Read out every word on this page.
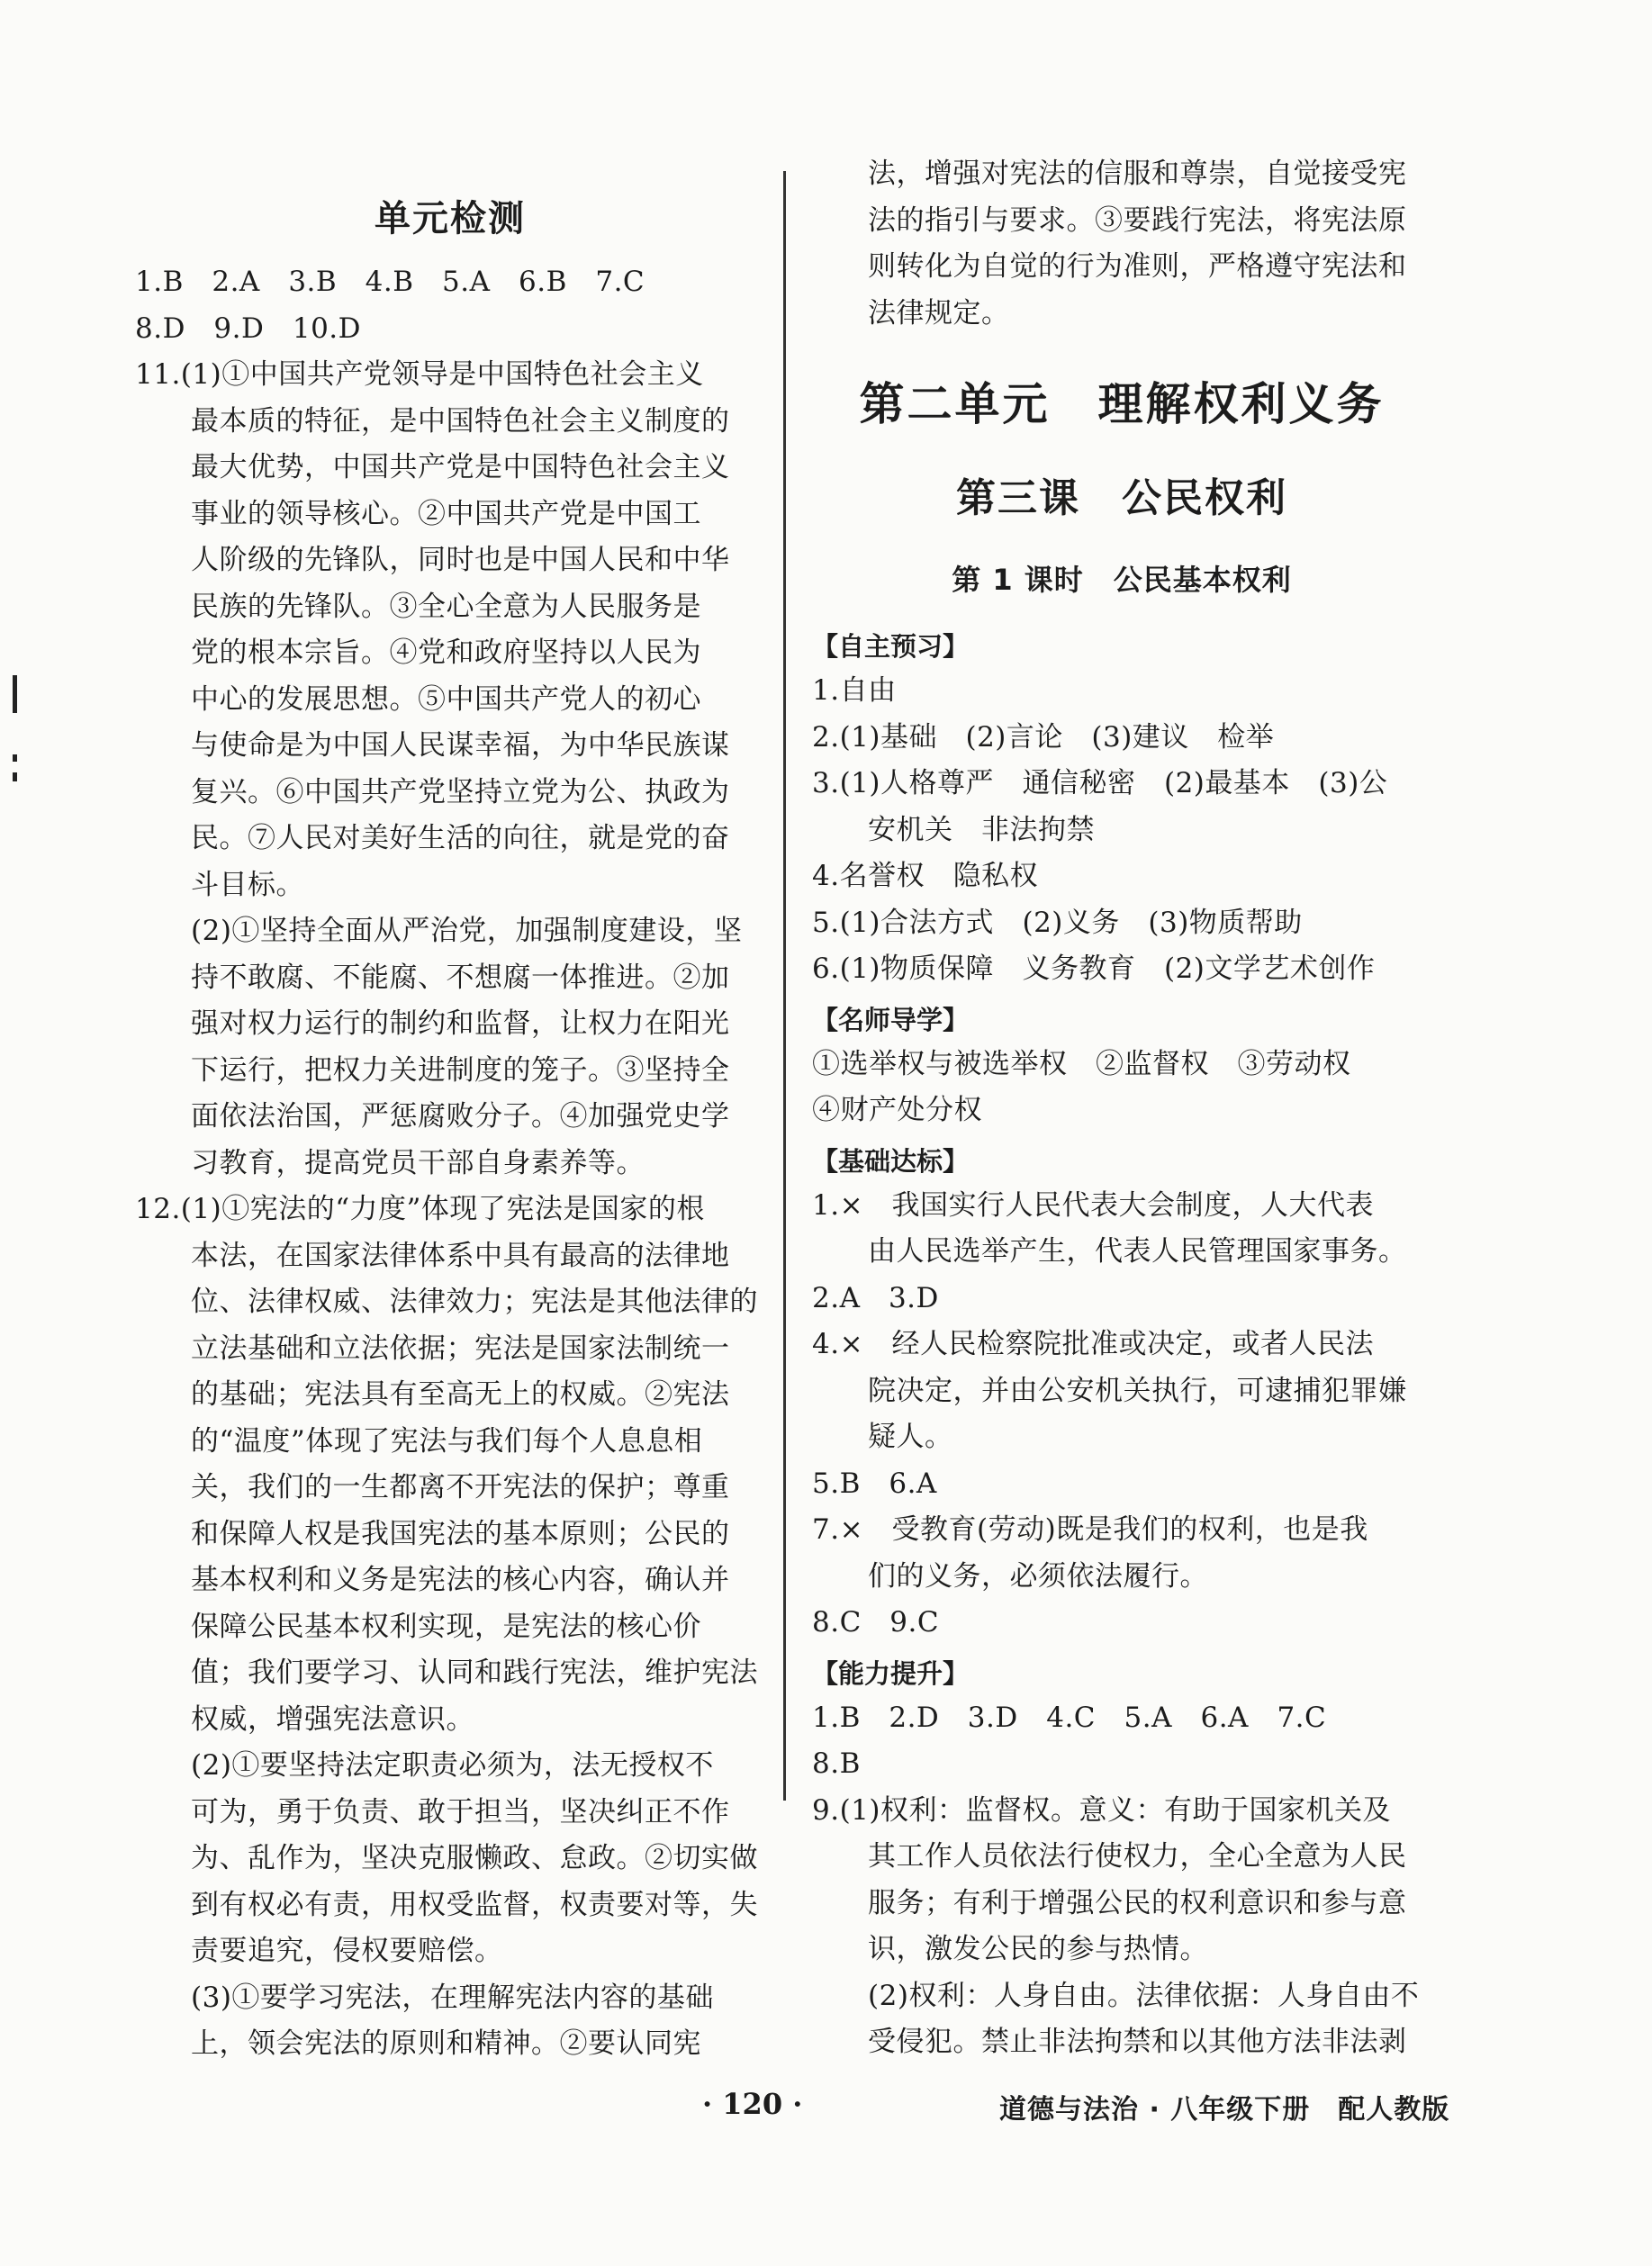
单元检测
1.B　2.A　3.B　4.B　5.A　6.B　7.C
8.D　9.D　10.D
11.(1)①中国共产党领导是中国特色社会主义
最本质的特征，是中国特色社会主义制度的
最大优势，中国共产党是中国特色社会主义
事业的领导核心。②中国共产党是中国工
人阶级的先锋队，同时也是中国人民和中华
民族的先锋队。③全心全意为人民服务是
党的根本宗旨。④党和政府坚持以人民为
中心的发展思想。⑤中国共产党人的初心
与使命是为中国人民谋幸福，为中华民族谋
复兴。⑥中国共产党坚持立党为公、执政为
民。⑦人民对美好生活的向往，就是党的奋
斗目标。
(2)①坚持全面从严治党，加强制度建设，坚
持不敢腐、不能腐、不想腐一体推进。②加
强对权力运行的制约和监督，让权力在阳光
下运行，把权力关进制度的笼子。③坚持全
面依法治国，严惩腐败分子。④加强党史学
习教育，提高党员干部自身素养等。
12.(1)①宪法的“力度”体现了宪法是国家的根
本法，在国家法律体系中具有最高的法律地
位、法律权威、法律效力；宪法是其他法律的
立法基础和立法依据；宪法是国家法制统一
的基础；宪法具有至高无上的权威。②宪法
的“温度”体现了宪法与我们每个人息息相
关，我们的一生都离不开宪法的保护；尊重
和保障人权是我国宪法的基本原则；公民的
基本权利和义务是宪法的核心内容，确认并
保障公民基本权利实现，是宪法的核心价
值；我们要学习、认同和践行宪法，维护宪法
权威，增强宪法意识。
(2)①要坚持法定职责必须为，法无授权不
可为，勇于负责、敢于担当，坚决纠正不作
为、乱作为，坚决克服懒政、怠政。②切实做
到有权必有责，用权受监督，权责要对等，失
责要追究，侵权要赔偿。
(3)①要学习宪法，在理解宪法内容的基础
上，领会宪法的原则和精神。②要认同宪
法，增强对宪法的信服和尊崇，自觉接受宪
法的指引与要求。③要践行宪法，将宪法原
则转化为自觉的行为准则，严格遵守宪法和
法律规定。
第二单元　理解权利义务
第三课　公民权利
第 1 课时　公民基本权利
【自主预习】
1.自由
2.(1)基础　(2)言论　(3)建议　检举
3.(1)人格尊严　通信秘密　(2)最基本　(3)公
安机关　非法拘禁
4.名誉权　隐私权
5.(1)合法方式　(2)义务　(3)物质帮助
6.(1)物质保障　义务教育　(2)文学艺术创作
【名师导学】
①选举权与被选举权　②监督权　③劳动权
④财产处分权
【基础达标】
1.×　我国实行人民代表大会制度，人大代表
由人民选举产生，代表人民管理国家事务。
2.A　3.D
4.×　经人民检察院批准或决定，或者人民法
院决定，并由公安机关执行，可逮捕犯罪嫌
疑人。
5.B　6.A
7.×　受教育(劳动)既是我们的权利，也是我
们的义务，必须依法履行。
8.C　9.C
【能力提升】
1.B　2.D　3.D　4.C　5.A　6.A　7.C
8.B
9.(1)权利：监督权。意义：有助于国家机关及
其工作人员依法行使权力，全心全意为人民
服务；有利于增强公民的权利意识和参与意
识，激发公民的参与热情。
(2)权利：人身自由。法律依据：人身自由不
受侵犯。禁止非法拘禁和以其他方法非法剥
· 120 ·	道德与法治 · 八年级下册　配人教版
